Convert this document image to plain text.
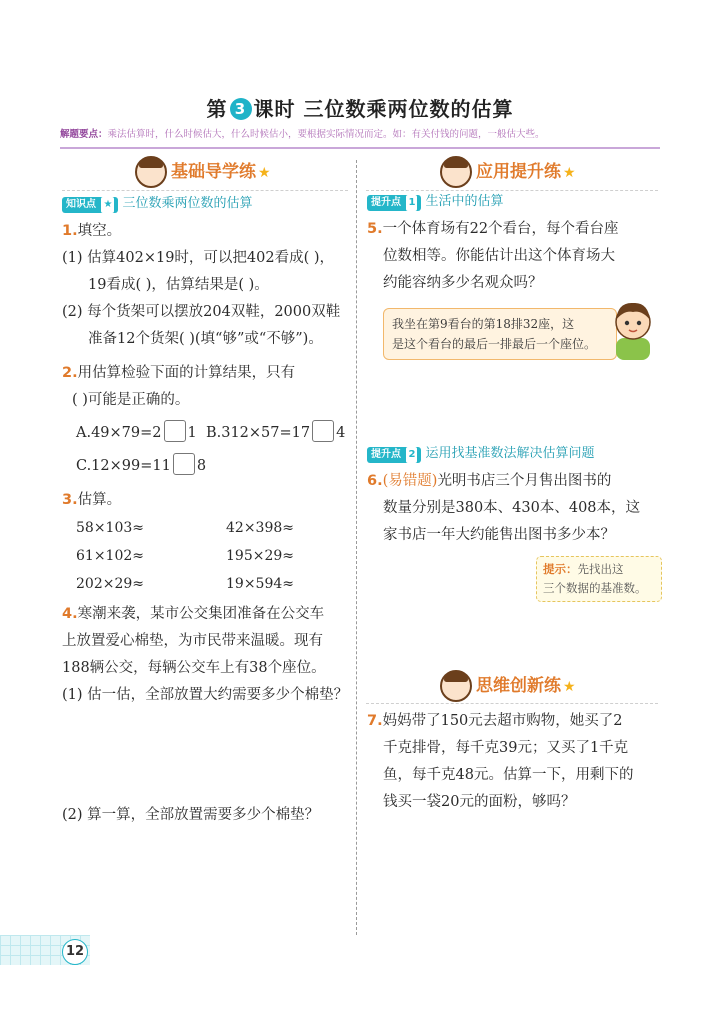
第 3 课时 三位数乘两位数的估算
解题要点：乘法估算时，什么时候估大，什么时候估小，要根据实际情况而定。如：有关付钱的问题，一般估大些。
基础导学练 ★
知识点 ★ 三位数乘两位数的估算
1.填空。
(1) 估算402×19时，可以把402看成( )，
19看成( )，估算结果是( )。
(2) 每个货架可以摆放204双鞋，2000双鞋
准备12个货架( )(填“够”或“不够”)。
2.用估算检验下面的计算结果，只有
( )可能是正确的。
A.49×79=2 1 B.312×57=17 4
C.12×99=11 8
3.估算。
58×103≈
61×102≈
202×29≈
42×398≈
195×29≈
19×594≈
4.寒潮来袭，某市公交集团准备在公交车
上放置爱心棉垫，为市民带来温暖。现有
188辆公交，每辆公交车上有38个座位。
(1) 估一估，全部放置大约需要多少个棉垫？
(2) 算一算，全部放置需要多少个棉垫？
应用提升练 ★
提升点 1 生活中的估算
5.一个体育场有22个看台，每个看台座
位数相等。你能估计出这个体育场大
约能容纳多少名观众吗？
我坐在第9看台的第18排32座，这
是这个看台的最后一排最后一个座位。
提升点 2 运用找基准数法解决估算问题
6.(易错题)光明书店三个月售出图书的
数量分别是380本、430本、408本，这
家书店一年大约能售出图书多少本？
提示：先找出这
三个数据的基准数。
思维创新练 ★
7.妈妈带了150元去超市购物，她买了2
千克排骨，每千克39元；又买了1千克
鱼，每千克48元。估算一下，用剩下的
钱买一袋20元的面粉，够吗？
12
